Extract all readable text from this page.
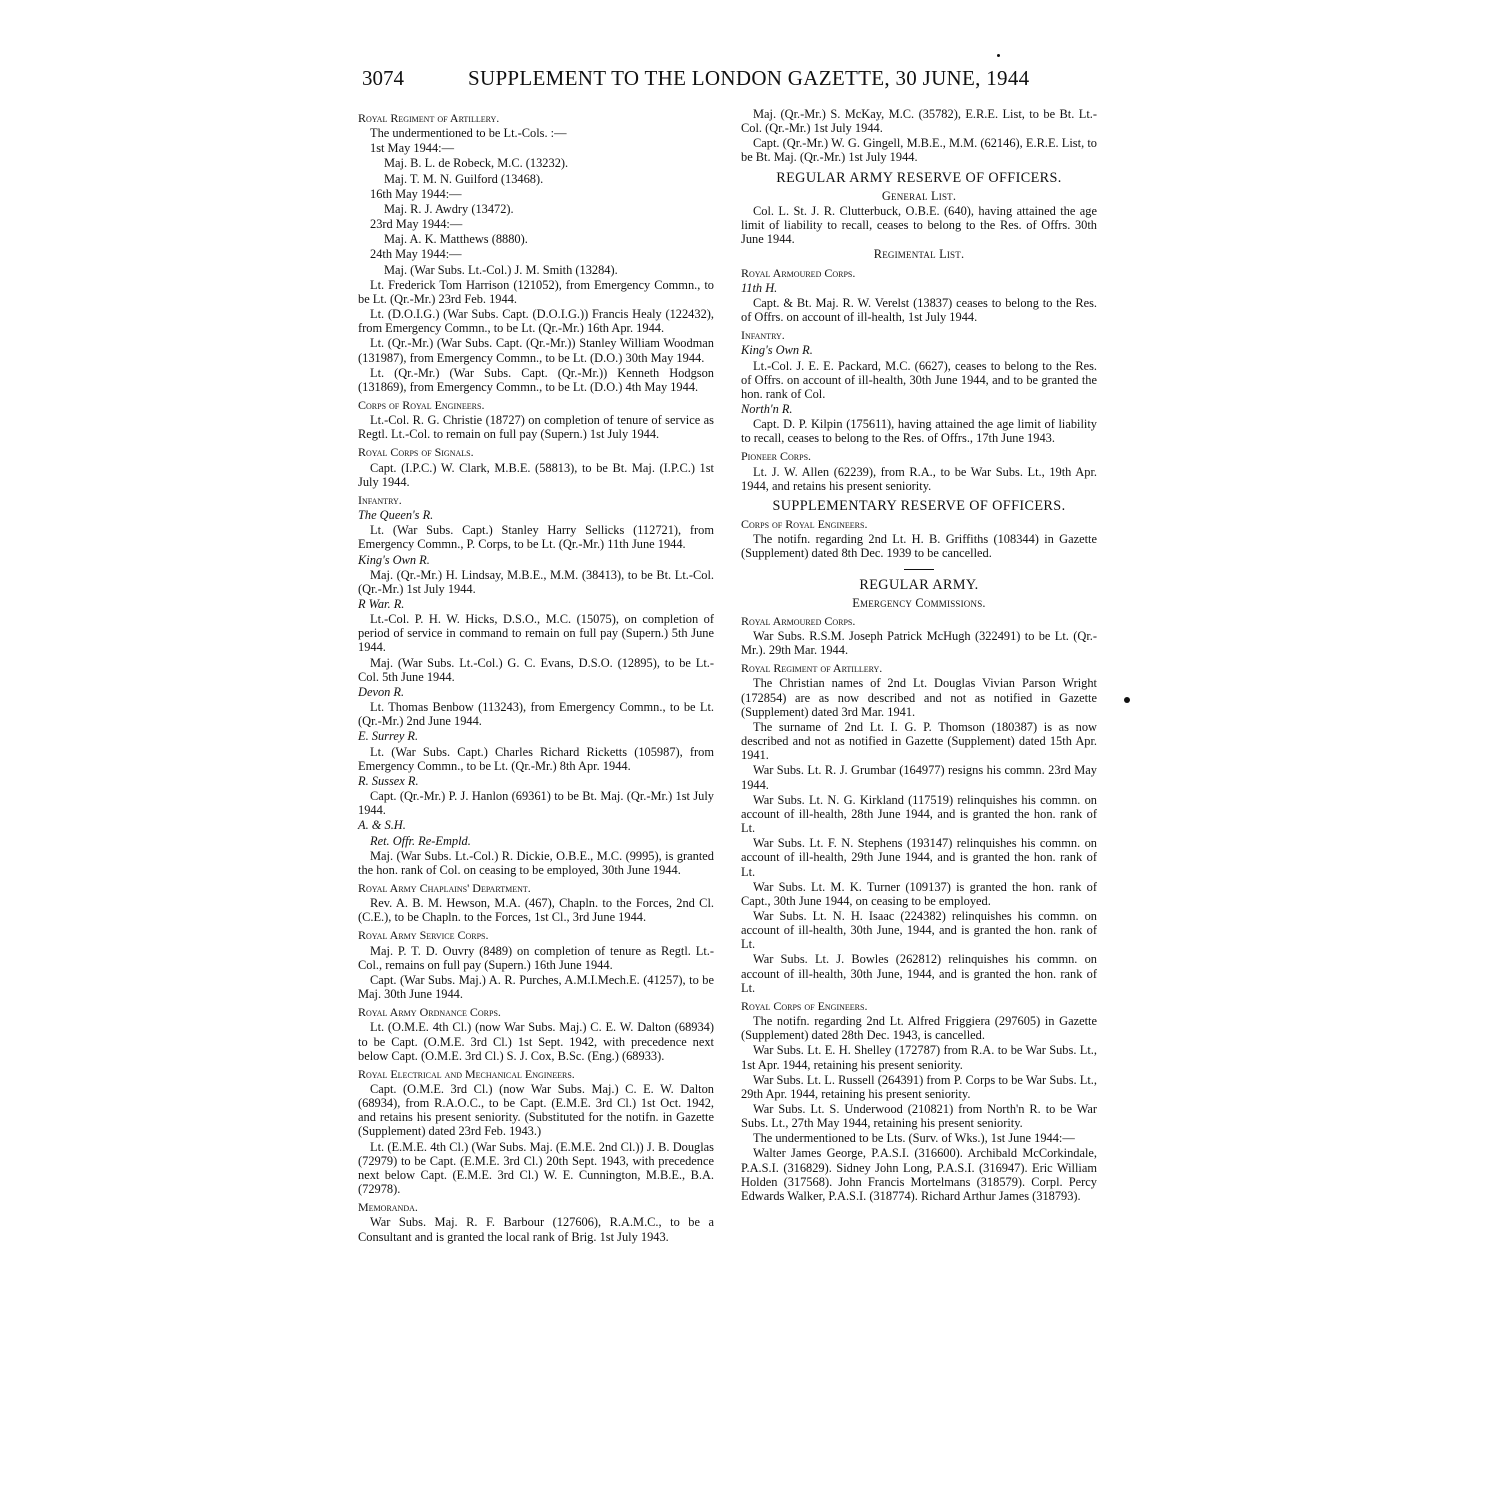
3074	SUPPLEMENT TO THE LONDON GAZETTE, 30 JUNE, 1944

Royal Regiment of Artillery.

The undermentioned to be Lt.-Cols. :—

1st May 1944:—

Maj. B. L. de Robeck, M.C. (13232).

Maj. T. M. N. Guilford (13468).

16th May 1944:—

Maj. R. J. Awdry (13472).

23rd May 1944:—

Maj. A. K. Matthews (8880).

24th May 1944:—

Maj. (War Subs. Lt.-Col.) J. M. Smith (13284).

Lt. Frederick Tom Harrison (121052), from Emergency Commn., to be Lt. (Qr.-Mr.) 23rd Feb. 1944.

Lt. (D.O.I.G.) (War Subs. Capt. (D.O.I.G.)) Francis Healy (122432), from Emergency Commn., to be Lt. (Qr.-Mr.) 16th Apr. 1944.

Lt. (Qr.-Mr.) (War Subs. Capt. (Qr.-Mr.)) Stanley William Woodman (131987), from Emergency Commn., to be Lt. (D.O.) 30th May 1944.

Lt. (Qr.-Mr.) (War Subs. Capt. (Qr.-Mr.)) Kenneth Hodgson (131869), from Emergency Commn., to be Lt. (D.O.) 4th May 1944.

Corps of Royal Engineers.

Lt.-Col. R. G. Christie (18727) on completion of tenure of service as Regtl. Lt.-Col. to remain on full pay (Supern.) 1st July 1944.

Royal Corps of Signals.

Capt. (I.P.C.) W. Clark, M.B.E. (58813), to be Bt. Maj. (I.P.C.) 1st July 1944.

Infantry.

The Queen's R.

Lt. (War Subs. Capt.) Stanley Harry Sellicks (112721), from Emergency Commn., P. Corps, to be Lt. (Qr.-Mr.) 11th June 1944.

King's Own R.

Maj. (Qr.-Mr.) H. Lindsay, M.B.E., M.M. (38413), to be Bt. Lt.-Col. (Qr.-Mr.) 1st July 1944.

R War. R.

Lt.-Col. P. H. W. Hicks, D.S.O., M.C. (15075), on completion of period of service in command to remain on full pay (Supern.) 5th June 1944.

Maj. (War Subs. Lt.-Col.) G. C. Evans, D.S.O. (12895), to be Lt.-Col. 5th June 1944.

Devon R.

Lt. Thomas Benbow (113243), from Emergency Commn., to be Lt. (Qr.-Mr.) 2nd June 1944.

E. Surrey R.

Lt. (War Subs. Capt.) Charles Richard Ricketts (105987), from Emergency Commn., to be Lt. (Qr.-Mr.) 8th Apr. 1944.

R. Sussex R.

Capt. (Qr.-Mr.) P. J. Hanlon (69361) to be Bt. Maj. (Qr.-Mr.) 1st July 1944.

A. & S.H.

Ret. Offr. Re-Empld.

Maj. (War Subs. Lt.-Col.) R. Dickie, O.B.E., M.C. (9995), is granted the hon. rank of Col. on ceasing to be employed, 30th June 1944.

Royal Army Chaplains' Department.

Rev. A. B. M. Hewson, M.A. (467), Chapln. to the Forces, 2nd Cl. (C.E.), to be Chapln. to the Forces, 1st Cl., 3rd June 1944.

Royal Army Service Corps.

Maj. P. T. D. Ouvry (8489) on completion of tenure as Regtl. Lt.-Col., remains on full pay (Supern.) 16th June 1944.

Capt. (War Subs. Maj.) A. R. Purches, A.M.I.Mech.E. (41257), to be Maj. 30th June 1944.

Royal Army Ordnance Corps.

Lt. (O.M.E. 4th Cl.) (now War Subs. Maj.) C. E. W. Dalton (68934) to be Capt. (O.M.E. 3rd Cl.) 1st Sept. 1942, with precedence next below Capt. (O.M.E. 3rd Cl.) S. J. Cox, B.Sc. (Eng.) (68933).

Royal Electrical and Mechanical Engineers.

Capt. (O.M.E. 3rd Cl.) (now War Subs. Maj.) C. E. W. Dalton (68934), from R.A.O.C., to be Capt. (E.M.E. 3rd Cl.) 1st Oct. 1942, and retains his present seniority. (Substituted for the notifn. in Gazette (Supplement) dated 23rd Feb. 1943.)

Lt. (E.M.E. 4th Cl.) (War Subs. Maj. (E.M.E. 2nd Cl.)) J. B. Douglas (72979) to be Capt. (E.M.E. 3rd Cl.) 20th Sept. 1943, with precedence next below Capt. (E.M.E. 3rd Cl.) W. E. Cunnington, M.B.E., B.A. (72978).

Memoranda.

War Subs. Maj. R. F. Barbour (127606), R.A.M.C., to be a Consultant and is granted the local rank of Brig. 1st July 1943.

Maj. (Qr.-Mr.) S. McKay, M.C. (35782), E.R.E. List, to be Bt. Lt.-Col. (Qr.-Mr.) 1st July 1944.

Capt. (Qr.-Mr.) W. G. Gingell, M.B.E., M.M. (62146), E.R.E. List, to be Bt. Maj. (Qr.-Mr.) 1st July 1944.

REGULAR ARMY RESERVE OF OFFICERS.

General List.

Col. L. St. J. R. Clutterbuck, O.B.E. (640), having attained the age limit of liability to recall, ceases to belong to the Res. of Offrs. 30th June 1944.

Regimental List.

Royal Armoured Corps.

11th H.

Capt. & Bt. Maj. R. W. Verelst (13837) ceases to belong to the Res. of Offrs. on account of ill-health, 1st July 1944.

Infantry.

King's Own R.

Lt.-Col. J. E. E. Packard, M.C. (6627), ceases to belong to the Res. of Offrs. on account of ill-health, 30th June 1944, and to be granted the hon. rank of Col.

North'n R.

Capt. D. P. Kilpin (175611), having attained the age limit of liability to recall, ceases to belong to the Res. of Offrs., 17th June 1943.

Pioneer Corps.

Lt. J. W. Allen (62239), from R.A., to be War Subs. Lt., 19th Apr. 1944, and retains his present seniority.

SUPPLEMENTARY RESERVE OF OFFICERS.

Corps of Royal Engineers.

The notifn. regarding 2nd Lt. H. B. Griffiths (108344) in Gazette (Supplement) dated 8th Dec. 1939 to be cancelled.

REGULAR ARMY.

Emergency Commissions.

Royal Armoured Corps.

War Subs. R.S.M. Joseph Patrick McHugh (322491) to be Lt. (Qr.-Mr.). 29th Mar. 1944.

Royal Regiment of Artillery.

The Christian names of 2nd Lt. Douglas Vivian Parson Wright (172854) are as now described and not as notified in Gazette (Supplement) dated 3rd Mar. 1941.

The surname of 2nd Lt. I. G. P. Thomson (180387) is as now described and not as notified in Gazette (Supplement) dated 15th Apr. 1941.

War Subs. Lt. R. J. Grumbar (164977) resigns his commn. 23rd May 1944.

War Subs. Lt. N. G. Kirkland (117519) relinquishes his commn. on account of ill-health, 28th June 1944, and is granted the hon. rank of Lt.

War Subs. Lt. F. N. Stephens (193147) relinquishes his commn. on account of ill-health, 29th June 1944, and is granted the hon. rank of Lt.

War Subs. Lt. M. K. Turner (109137) is granted the hon. rank of Capt., 30th June 1944, on ceasing to be employed.

War Subs. Lt. N. H. Isaac (224382) relinquishes his commn. on account of ill-health, 30th June, 1944, and is granted the hon. rank of Lt.

War Subs. Lt. J. Bowles (262812) relinquishes his commn. on account of ill-health, 30th June, 1944, and is granted the hon. rank of Lt.

Royal Corps of Engineers.

The notifn. regarding 2nd Lt. Alfred Friggiera (297605) in Gazette (Supplement) dated 28th Dec. 1943, is cancelled.

War Subs. Lt. E. H. Shelley (172787) from R.A. to be War Subs. Lt., 1st Apr. 1944, retaining his present seniority.

War Subs. Lt. L. Russell (264391) from P. Corps to be War Subs. Lt., 29th Apr. 1944, retaining his present seniority.

War Subs. Lt. S. Underwood (210821) from North'n R. to be War Subs. Lt., 27th May 1944, retaining his present seniority.

The undermentioned to be Lts. (Surv. of Wks.), 1st June 1944:—

Walter James George, P.A.S.I. (316600). Archibald McCorkindale, P.A.S.I. (316829). Sidney John Long, P.A.S.I. (316947). Eric William Holden (317568). John Francis Mortelmans (318579). Corpl. Percy Edwards Walker, P.A.S.I. (318774). Richard Arthur James (318793).
